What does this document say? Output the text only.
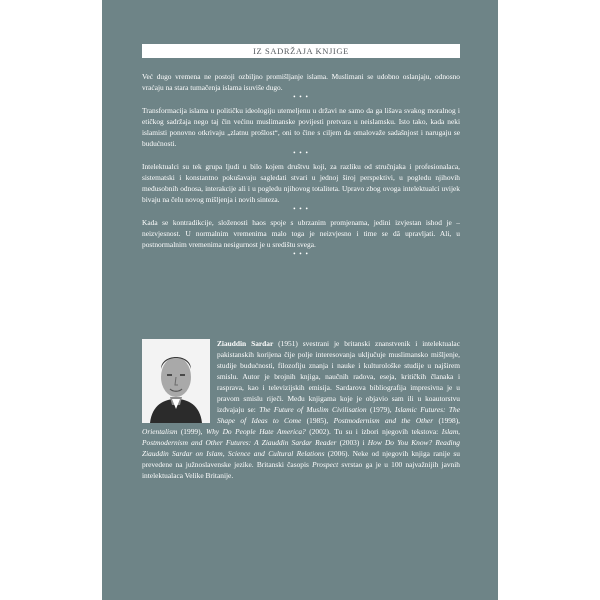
IZ SADRŽAJA KNJIGE

Već dugo vremena ne postoji ozbiljno promišljanje islama. Muslimani se udobno oslanjaju, odnosno vraćaju na stara tumačenja islama isuviše dugo.

• • •

Transformacija islama u političku ideologiju utemeljenu u državi ne samo da ga lišava svakog moralnog i etičkog sadržaja nego taj čin većinu muslimanske povijesti pretvara u neislamsku. Isto tako, kada neki islamisti ponovno otkrivaju „zlatnu prošlost“, oni to čine s ciljem da omalovaže sadašnjost i narugaju se budućnosti.

• • •

Intelektualci su tek grupa ljudi u bilo kojem društvu koji, za razliku od stručnjaka i profesionalaca, sistematski i konstantno pokušavaju sagledati stvari u jednoj široj perspektivi, u pogledu njihovih međusobnih odnosa, interakcije ali i u pogledu njihovog totaliteta. Upravo zbog ovoga intelektualci uvijek bivaju na čelu novog mišljenja i novih sinteza.

• • •

Kada se kontradikcije, složenosti haos spoje s ubrzanim promjenama, jedini izvjestan ishod je – neizvjesnost. U normalnim vremenima malo toga je neizvjesno i time se dâ upravljati. Ali, u postnormalnim vremenima nesigurnost je u središtu svega.

• • •

Ziauddin Sardar (1951) svestrani je britanski znanstvenik i intelektualac pakistanskih korijena čije polje interesovanja uključuje muslimansko mišljenje, studije budućnosti, filozofiju znanja i nauke i kulturološke studije u najširem smislu. Autor je brojnih knjiga, naučnih radova, eseja, kritičkih članaka i rasprava, kao i televizijskih emisija. Sardarova bibliografija impresivna je u pravom smislu riječi. Među knjigama koje je objavio sam ili u koautorstvu izdvajaju se: The Future of Muslim Civilisation (1979), Islamic Futures: The Shape of Ideas to Come (1985), Postmodernism and the Other (1998), Orientalism (1999), Why Do People Hate America? (2002). Tu su i izbori njegovih tekstova: Islam, Postmodernism and Other Futures: A Ziauddin Sardar Reader (2003) i How Do You Know? Reading Ziauddin Sardar on Islam, Science and Cultural Relations (2006). Neke od njegovih knjiga ranije su prevedene na južnoslavenske jezike. Britanski časopis Prospect svrstao ga je u 100 najvažnijih javnih intelektualaca Velike Britanije.
